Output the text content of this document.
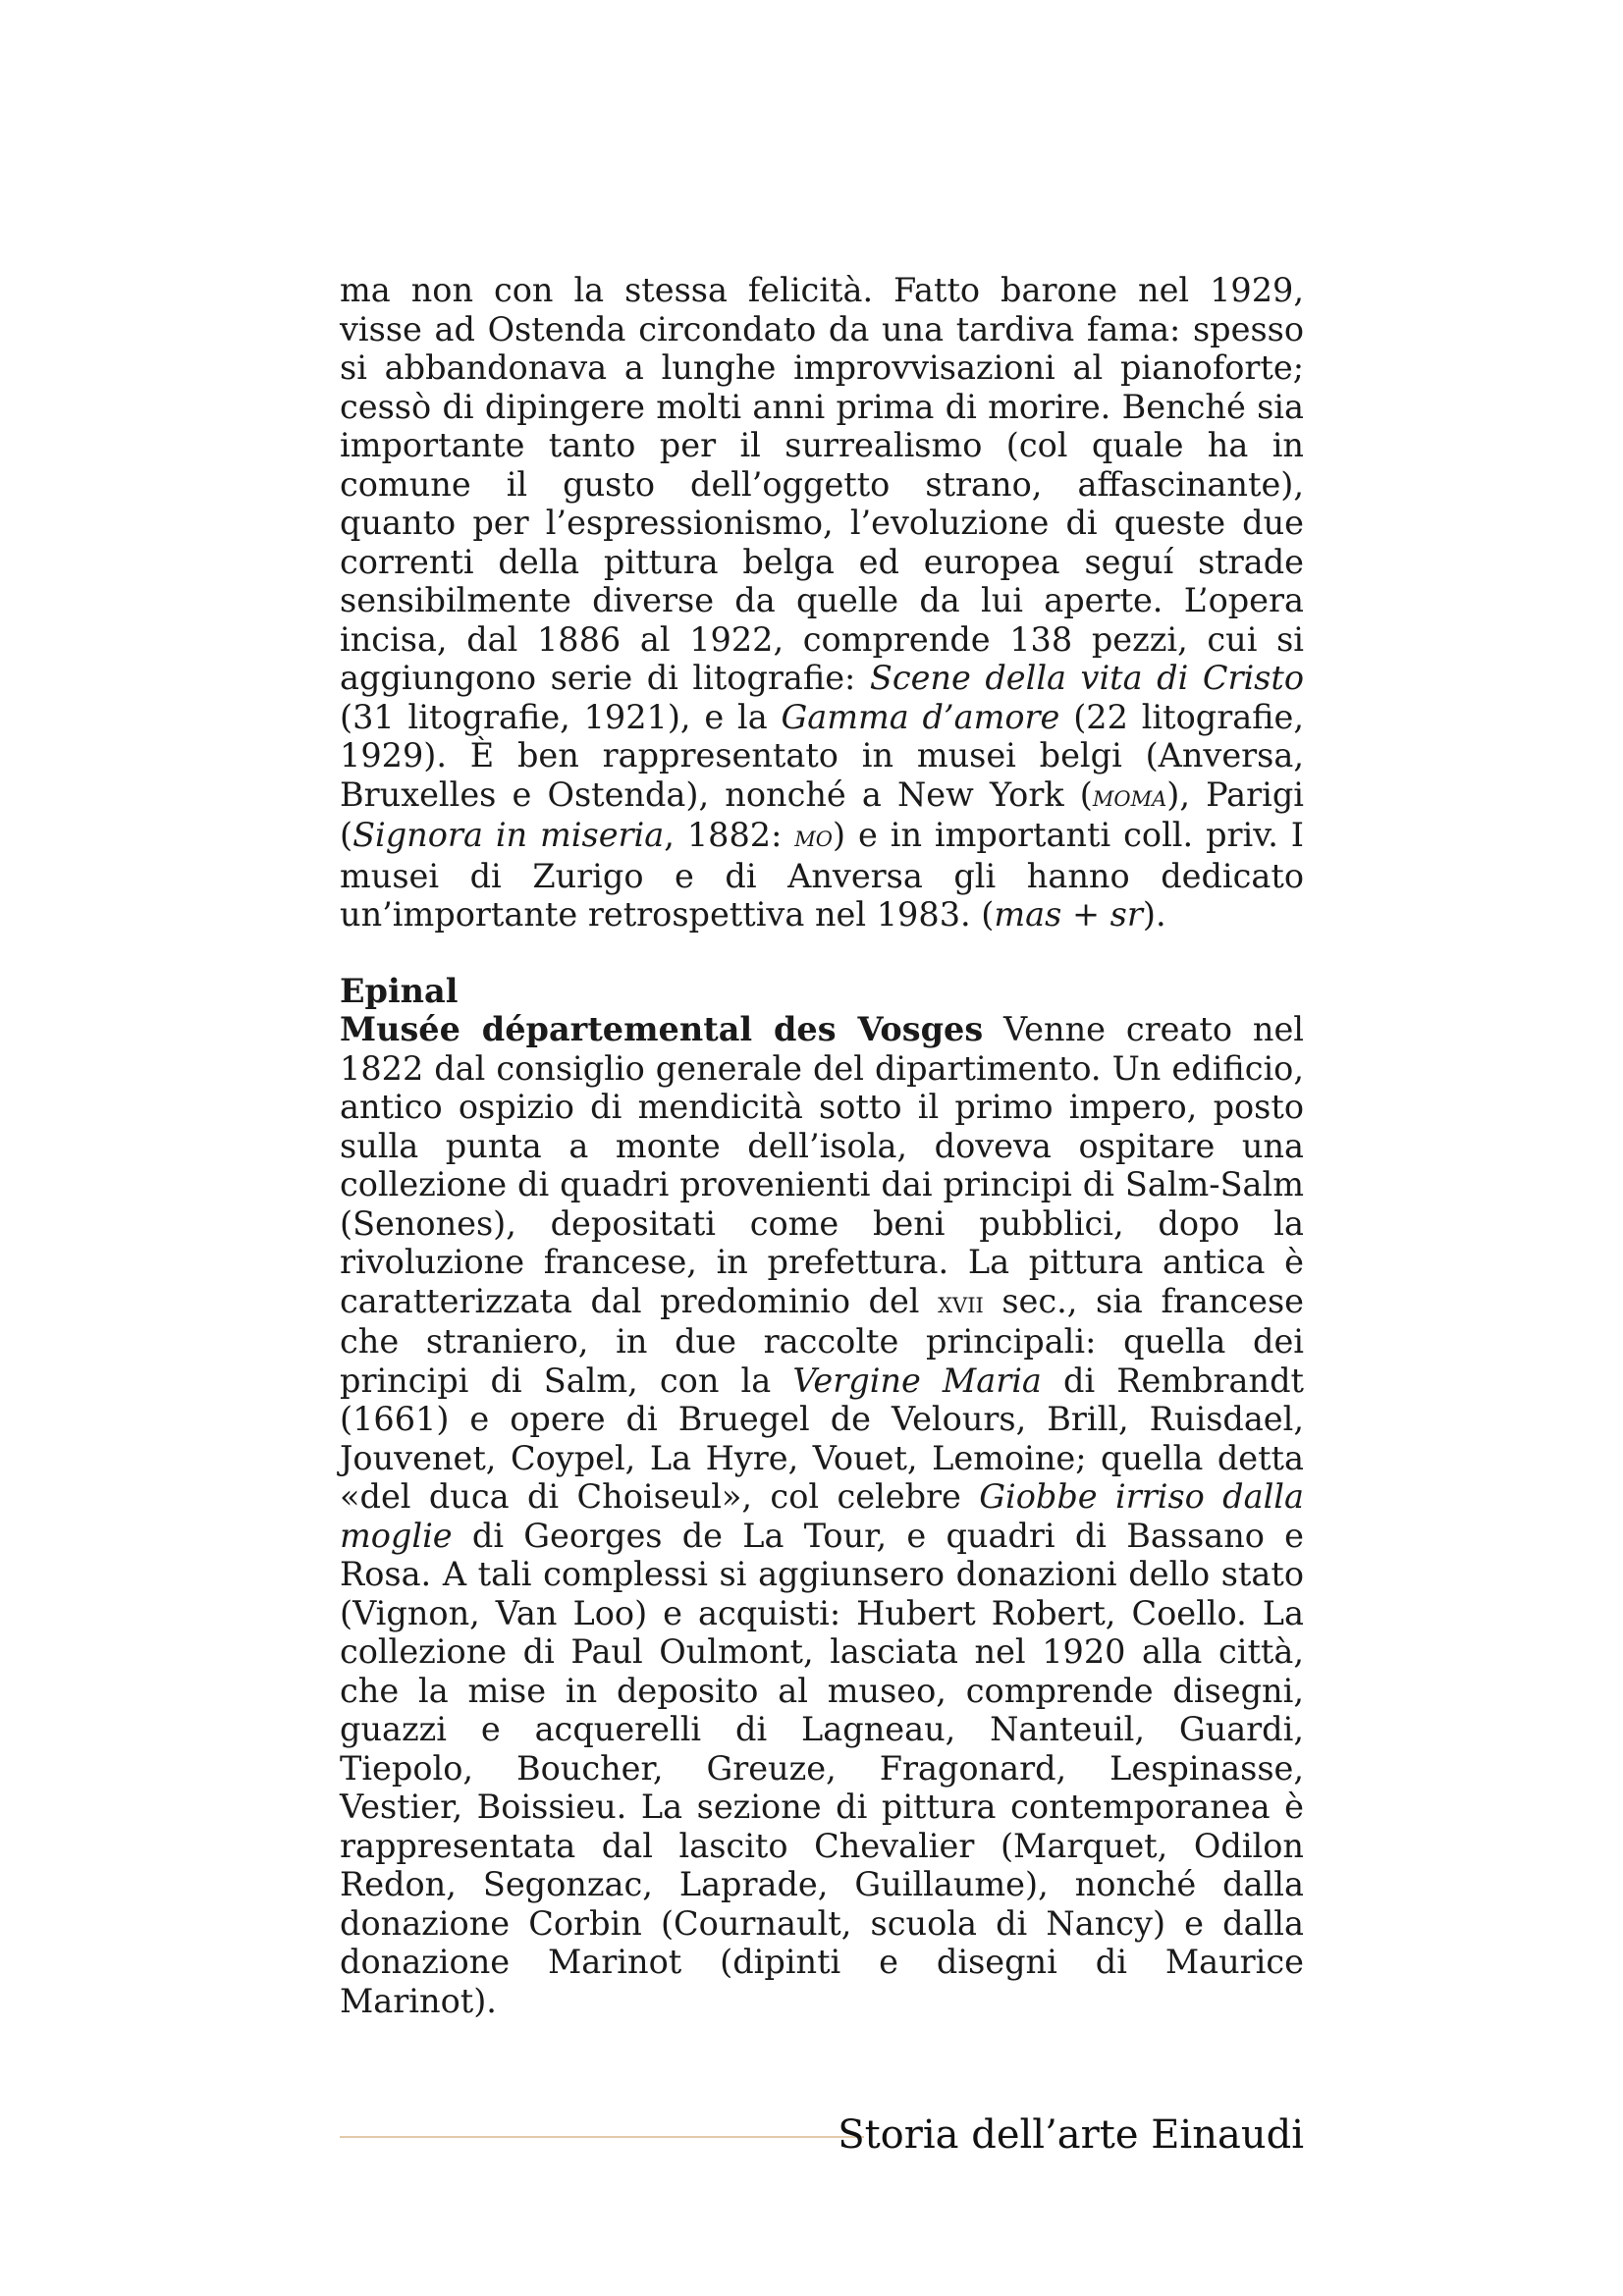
ma non con la stessa felicità. Fatto barone nel 1929, visse ad Ostenda circondato da una tardiva fama: spesso si abbandonava a lunghe improvvisazioni al pianoforte; cessò di dipingere molti anni prima di morire. Benché sia importante tanto per il surrealismo (col quale ha in comune il gusto dell’oggetto strano, affascinante), quanto per l’espressionismo, l’evoluzione di queste due correnti della pittura belga ed europea seguí strade sensibilmente diverse da quelle da lui aperte. L’opera incisa, dal 1886 al 1922, comprende 138 pezzi, cui si aggiungono serie di litografie: Scene della vita di Cristo (31 litografie, 1921), e la Gamma d’amore (22 litografie, 1929). È ben rappresentato in musei belgi (Anversa, Bruxelles e Ostenda), nonché a New York (moma), Parigi (Signora in miseria, 1882: mo) e in importanti coll. priv. I musei di Zurigo e di Anversa gli hanno dedicato un’importante retrospettiva nel 1983. (mas + sr).

Epinal

Musée départemental des Vosges Venne creato nel 1822 dal consiglio generale del dipartimento. Un edificio, antico ospizio di mendicità sotto il primo impero, posto sulla punta a monte dell’isola, doveva ospitare una collezione di quadri provenienti dai principi di Salm-Salm (Senones), depositati come beni pubblici, dopo la rivoluzione francese, in prefettura. La pittura antica è caratterizzata dal predominio del xvii sec., sia francese che straniero, in due raccolte principali: quella dei principi di Salm, con la Vergine Maria di Rembrandt (1661) e opere di Bruegel de Velours, Brill, Ruisdael, Jouvenet, Coypel, La Hyre, Vouet, Lemoine; quella detta «del duca di Choiseul», col celebre Giobbe irriso dalla moglie di Georges de La Tour, e quadri di Bassano e Rosa. A tali complessi si aggiunsero donazioni dello stato (Vignon, Van Loo) e acquisti: Hubert Robert, Coello. La collezione di Paul Oulmont, lasciata nel 1920 alla città, che la mise in deposito al museo, comprende disegni, guazzi e acquerelli di Lagneau, Nanteuil, Guardi, Tiepolo, Boucher, Greuze, Fragonard, Lespinasse, Vestier, Boissieu. La sezione di pittura contemporanea è rappresentata dal lascito Chevalier (Marquet, Odilon Redon, Segonzac, Laprade, Guillaume), nonché dalla donazione Corbin (Cournault, scuola di Nancy) e dalla donazione Marinot (dipinti e disegni di Maurice Marinot).

Storia dell’arte Einaudi
